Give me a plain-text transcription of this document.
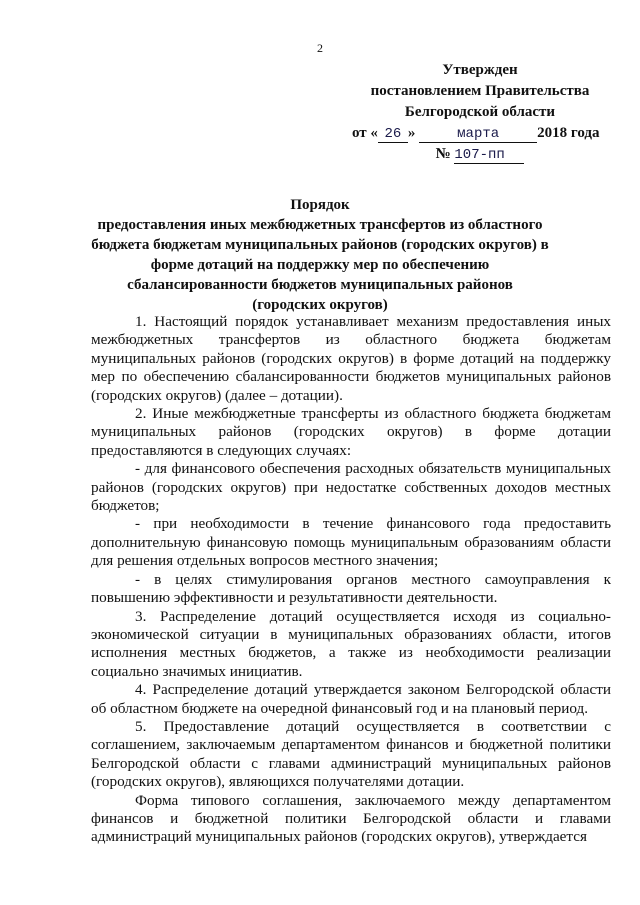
2
Утвержден
постановлением Правительства
Белгородской области
от « 26 »	марта	2018 года
№ 107-пп
Порядок
предоставления иных межбюджетных трансфертов из областного бюджета бюджетам муниципальных районов (городских округов) в форме дотаций на поддержку мер по обеспечению сбалансированности бюджетов муниципальных районов (городских округов)

1. Настоящий порядок устанавливает механизм предоставления иных межбюджетных трансфертов из областного бюджета бюджетам муниципальных районов (городских округов) в форме дотаций на поддержку мер по обеспечению сбалансированности бюджетов муниципальных районов (городских округов) (далее – дотации).

2. Иные межбюджетные трансферты из областного бюджета бюджетам муниципальных районов (городских округов) в форме дотации предоставляются в следующих случаях:

- для финансового обеспечения расходных обязательств муниципальных районов (городских округов) при недостатке собственных доходов местных бюджетов;

- при необходимости в течение финансового года предоставить дополнительную финансовую помощь муниципальным образованиям области для решения отдельных вопросов местного значения;

- в целях стимулирования органов местного самоуправления к повышению эффективности и результативности деятельности.

3. Распределение дотаций осуществляется исходя из социально-экономической ситуации в муниципальных образованиях области, итогов исполнения местных бюджетов, а также из необходимости реализации социально значимых инициатив.

4. Распределение дотаций утверждается законом Белгородской области об областном бюджете на очередной финансовый год и на плановый период.

5. Предоставление дотаций осуществляется в соответствии с соглашением, заключаемым департаментом финансов и бюджетной политики Белгородской области с главами администраций муниципальных районов (городских округов), являющихся получателями дотации.

Форма типового соглашения, заключаемого между департаментом финансов и бюджетной политики Белгородской области и главами администраций муниципальных районов (городских округов), утверждается
